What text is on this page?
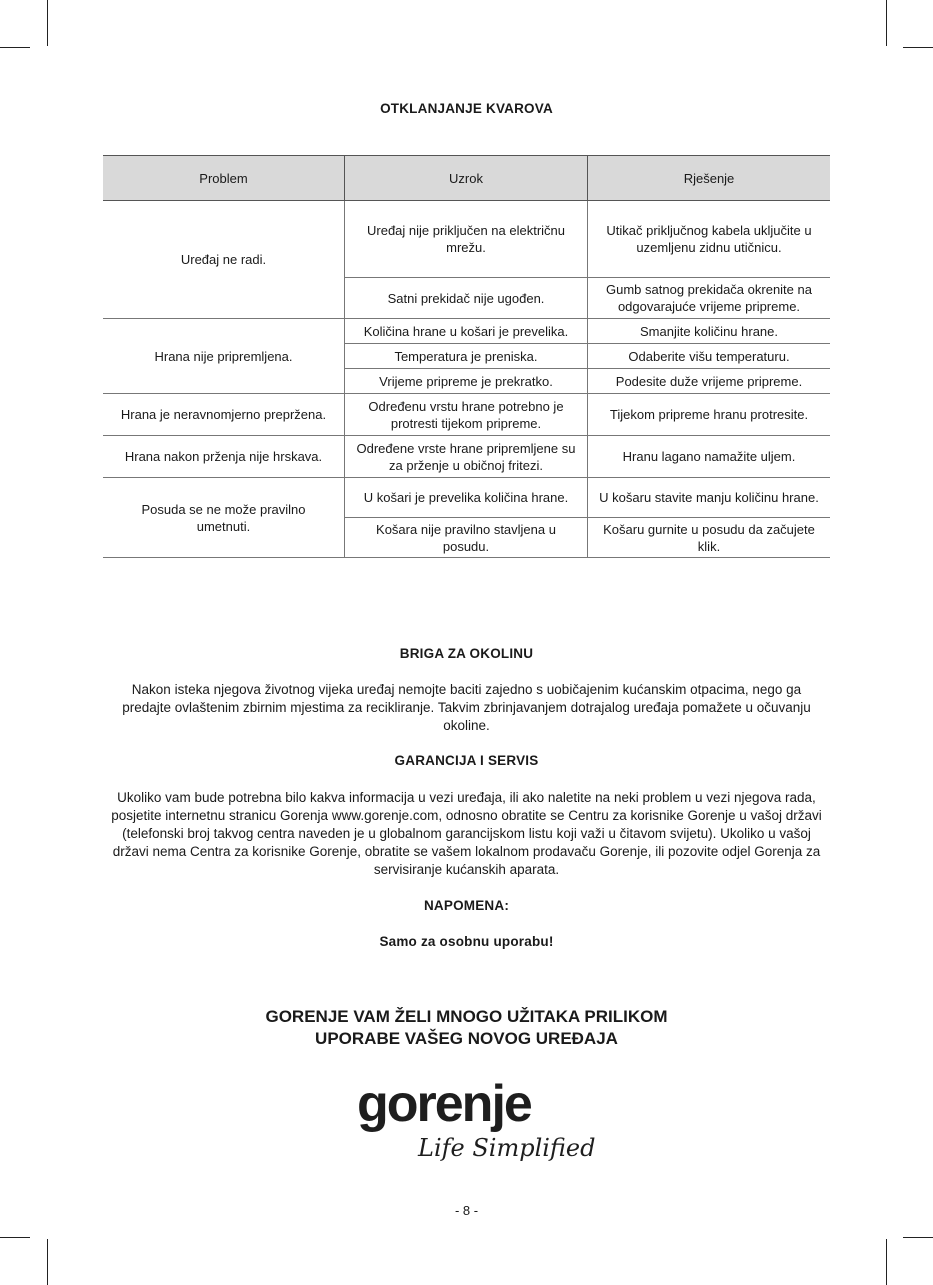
OTKLANJANJE KVAROVA
Problem	Uzrok	Rješenje
Uređaj ne radi.	Uređaj nije priključen na električnu mrežu.	Utikač priključnog kabela uključite u uzemljenu zidnu utičnicu.
	Satni prekidač nije ugođen.	Gumb satnog prekidača okrenite na odgovarajuće vrijeme pripreme.
Hrana nije pripremljena.	Količina hrane u košari je prevelika.	Smanjite količinu hrane.
	Temperatura je preniska.	Odaberite višu temperaturu.
	Vrijeme pripreme je prekratko.	Podesite duže vrijeme pripreme.
Hrana je neravnomjerno prepržena.	Određenu vrstu hrane potrebno je protresti tijekom pripreme.	Tijekom pripreme hranu protresite.
Hrana nakon prženja nije hrskava.	Određene vrste hrane pripremljene su za prženje u običnoj fritezi.	Hranu lagano namažite uljem.
Posuda se ne može pravilno umetnuti.	U košari je prevelika količina hrane.	U košaru stavite manju količinu hrane.
	Košara nije pravilno stavljena u posudu.	Košaru gurnite u posudu da začujete klik.
BRIGA ZA OKOLINU
Nakon isteka njegova životnog vijeka uređaj nemojte baciti zajedno s uobičajenim kućanskim otpacima, nego ga predajte ovlaštenim zbirnim mjestima za recikliranje. Takvim zbrinjavanjem dotrajalog uređaja pomažete u očuvanju okoline.
GARANCIJA I SERVIS
Ukoliko vam bude potrebna bilo kakva informacija u vezi uređaja, ili ako naletite na neki problem u vezi njegova rada, posjetite internetnu stranicu Gorenja www.gorenje.com, odnosno obratite se Centru za korisnike Gorenje u vašoj državi (telefonski broj takvog centra naveden je u globalnom garancijskom listu koji važi u čitavom svijetu). Ukoliko u vašoj državi nema Centra za korisnike Gorenje, obratite se vašem lokalnom prodavaču Gorenje, ili pozovite odjel Gorenja za servisiranje kućanskih aparata.
NAPOMENA:
Samo za osobnu uporabu!
GORENJE VAM ŽELI MNOGO UŽITAKA PRILIKOM
UPORABE VAŠEG NOVOG UREĐAJA
gorenje
Life Simplified
- 8 -
